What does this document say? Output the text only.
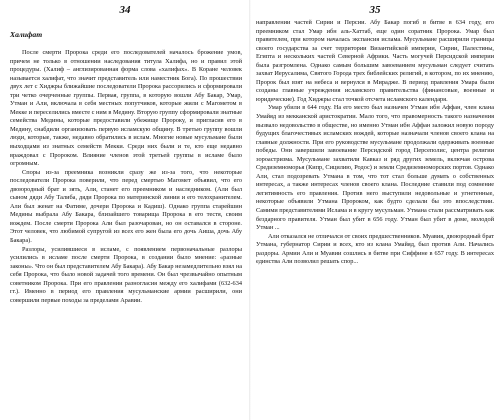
34
Халифат

После смерти Пророка среди его последователей началось брожение умов, причем не только в отношении наследования титула Халифа, но и правил этой процедуры. (Халиф – англизированная форма слова «халифах». В Коране человек называется халифат, что значит представитель или наместник Бога). По прошествии двух лет с Хиджры ближайшие последователи Пророка рассорились и сформировали три четко очерченные группы. Первая, группа, в которую вошли Абу Бакар, Умар, Утман и Али, включала в себя местных попутчиков, которые жили с Магометом в Мекке и переселились вместе с ним в Медину. Вторую группу сформировали знатные семейства Медины, которые предоставили убежище Пророку, и пригласив его в Медину, снабдили организовать первую исламскую общину. В третью группу вошли люди, которые, также, недавно обратились в ислам. Многие новые мусульмане были выходцами из знатных семейств Мекки. Среди них были и те, кто еще недавно враждовал с Пророком. Влияние членов этой третьей группы в исламе было огромным.

Споры из-за преемника возникли сразу же из-за того, что некоторые последователи Пророка поверили, что перед смертью Магомет объявил, что его двоюродный брат и зять, Али, станет его преемником и наследником. (Али был сыном дяди Абу Талиба, дяди Пророка по материнской линии и его телохранителем. Али был женат на Фатиме, дочери Пророка и Кадиш). Однако группа старейшин Медины выбрала Абу Бакара, близайшего товарища Пророка в его тестя, своим вождем. После смерти Пророка Али был разочарован, но он оставался в стороне. Этот человек, что любимой супругой из всех его жен была его дочь Аиша, дочь Абу Бакара).

Разлоры, усилившиеся в исламе, с появлением первоначальные разлоры усилились в исламе после смерти Пророка, в создании было мнение: «разные законы». Что он был представителем Абу Бакара). Абу Бакар незамедлительно взял на себя Пророка, что было новой задачей того времени. Он был чрезвычайно опытным советником Пророка. При его правлении разногласия между его халифами (632-634 гг.). Именно в период его правления мусульманские армии расширили, они совершили первые походы за пределами Аравии.

35

направлении частей Сирии и Персии. Абу Бакар погиб в битве в 634 году, его преемником стал Умар ибн аль-Хаттаб, еще один соратник Пророка. Умар был правителем, при котором началась экспансия ислама. Мусульмане расширили границы своего государства за счет территории Византийской империи, Сирии, Палестины, Египта и нескольких частей Северной Африки. Часть могучей Персидской империи была разгромлена. Однако самым большим завоеванием мусульман следует считать захват Иерусалима, Святого Города трех библейских религий, в котором, по их мнению, Пророк был взят на небеса и вернулся в Мирадже. В период правления Умара были созданы главные учреждения исламского правительства (финансовые, военные и юридические). Год Хиджры стал точкой отсчета исламского календаря.

Умар убили в 644 году. На его место был назначен Утман ибн Аффан, член клана Умайяд из мекканской аристократии. Мало того, что правомерность такого назначения вызвало недовольство в обществе, но именно Утман ибн Аффан заложил новую породу будущих благочестивых исламских вождей, которые назначали членов своего клана на главные должности. При его руководстве мусульмане продолжали одерживать военные победы. Они завершили завоевание Персидской город Персеполис, центра религии зороастризма. Мусульмане захватили Кавказ и ряд других земель, включая острова Средиземноморья (Кипр, Сицилию, Родос) и земли Средиземноморских портов. Однако Али, стал подозревать Утмана в том, что тот стал больше думать о собственных интересах, а также интересах членов своего клана. Последние ставили под сомнение легитимность его правления. Против него выступили недовольные и угнетенные, некоторые объявили Утмана Пророком, как будто сделали бы это впоследствии. Самими представителями Ислама и в кругу мусульман. Утмана стали рассматривать как бездарного правителя. Утман был убит в 656 году. Утман был убит в доме, молодой Утман ...

Али отказался не отличался от своих предшественников. Муавия, двоюродный брат Утмана, губернатор Сирии и всех, кто из клана Умайяд, был против Али. Начались раздоры. Армии Али и Муавии сошлись в битве при Сиффине в 657 году. В интересах единства Али позволил решать спор...
